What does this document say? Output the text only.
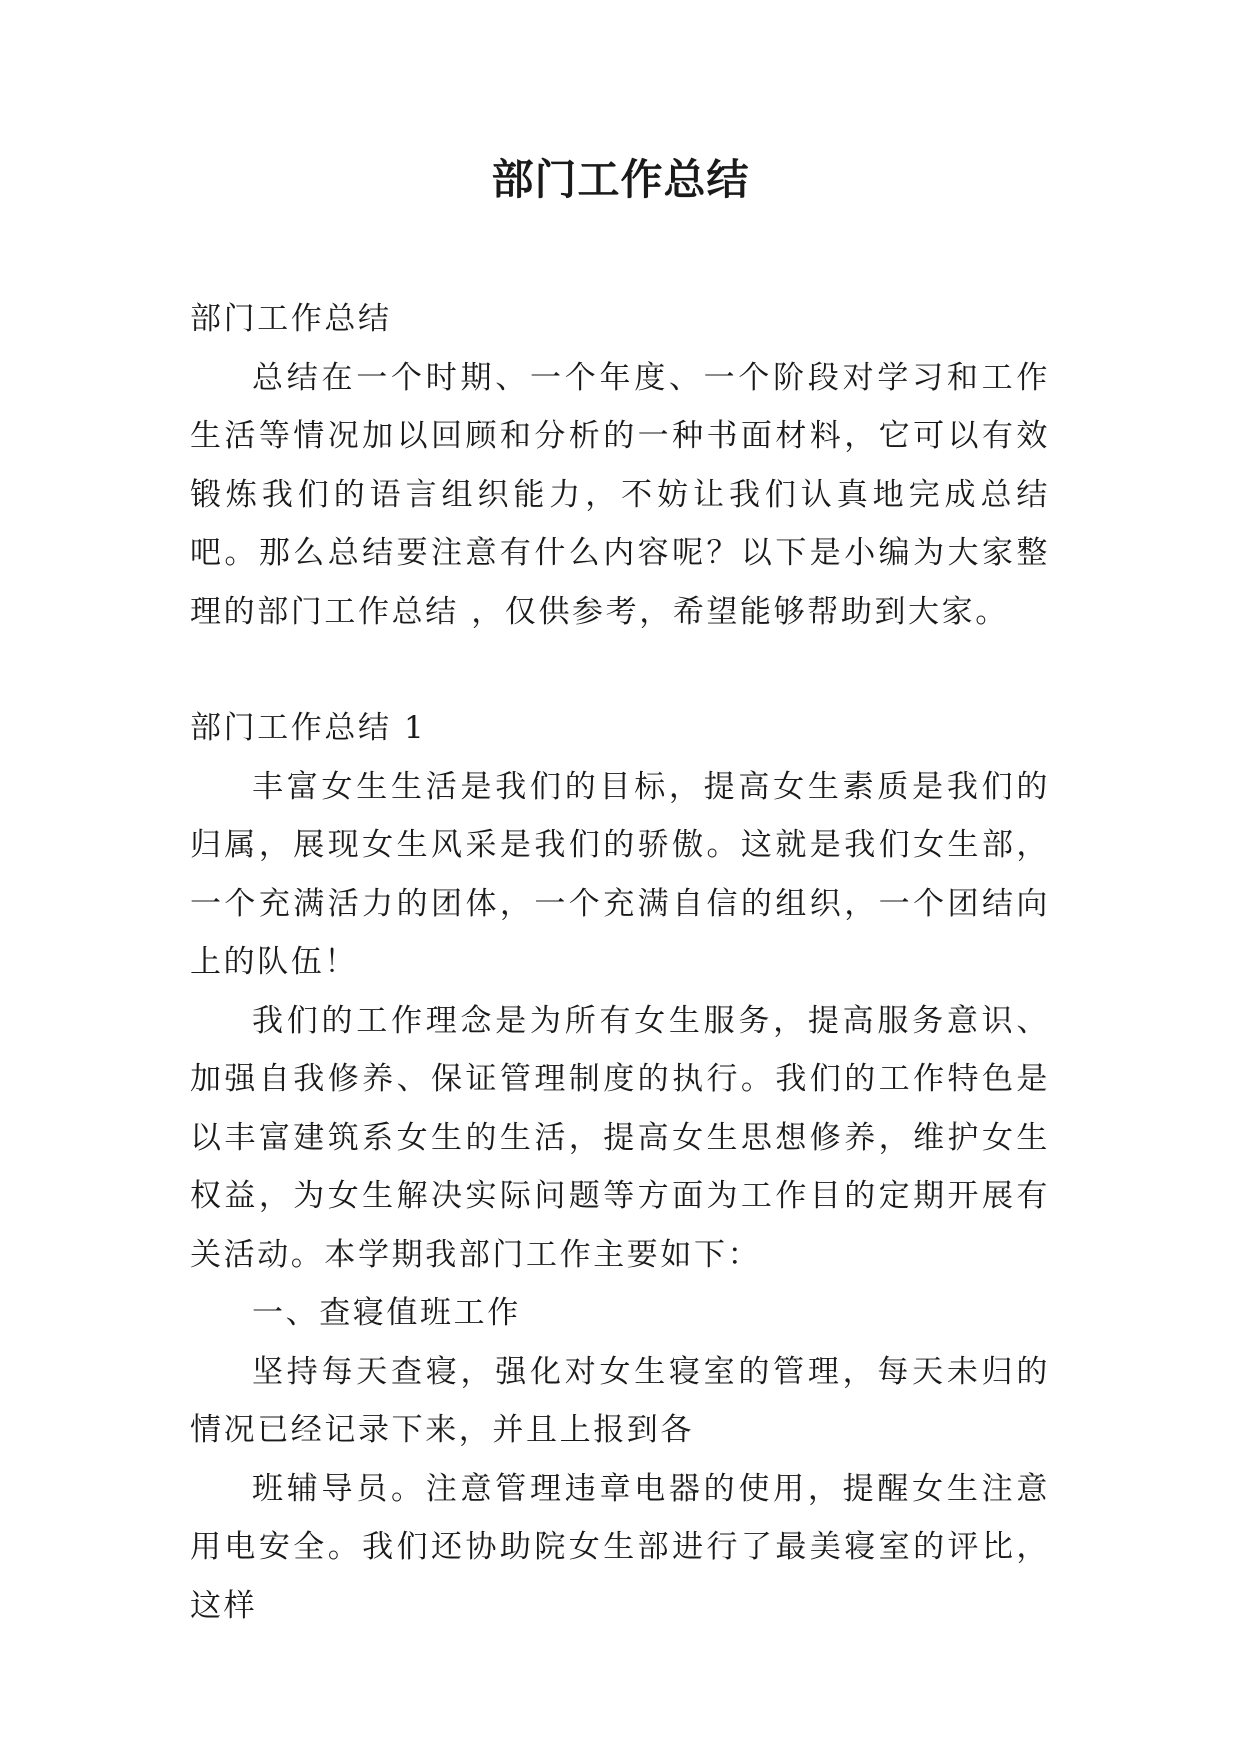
部门工作总结

部门工作总结

总结在一个时期、一个年度、一个阶段对学习和工作生活等情况加以回顾和分析的一种书面材料，它可以有效锻炼我们的语言组织能力，不妨让我们认真地完成总结吧。那么总结要注意有什么内容呢？以下是小编为大家整理的部门工作总结 ，仅供参考，希望能够帮助到大家。

部门工作总结 1

丰富女生生活是我们的目标，提高女生素质是我们的归属，展现女生风采是我们的骄傲。这就是我们女生部，一个充满活力的团体，一个充满自信的组织，一个团结向上的队伍！

我们的工作理念是为所有女生服务，提高服务意识、加强自我修养、保证管理制度的执行。我们的工作特色是以丰富建筑系女生的生活，提高女生思想修养，维护女生权益，为女生解决实际问题等方面为工作目的定期开展有关活动。本学期我部门工作主要如下：

一、查寝值班工作

坚持每天查寝，强化对女生寝室的管理，每天未归的情况已经记录下来，并且上报到各

班辅导员。注意管理违章电器的使用，提醒女生注意用电安全。我们还协助院女生部进行了最美寝室的评比，这样
